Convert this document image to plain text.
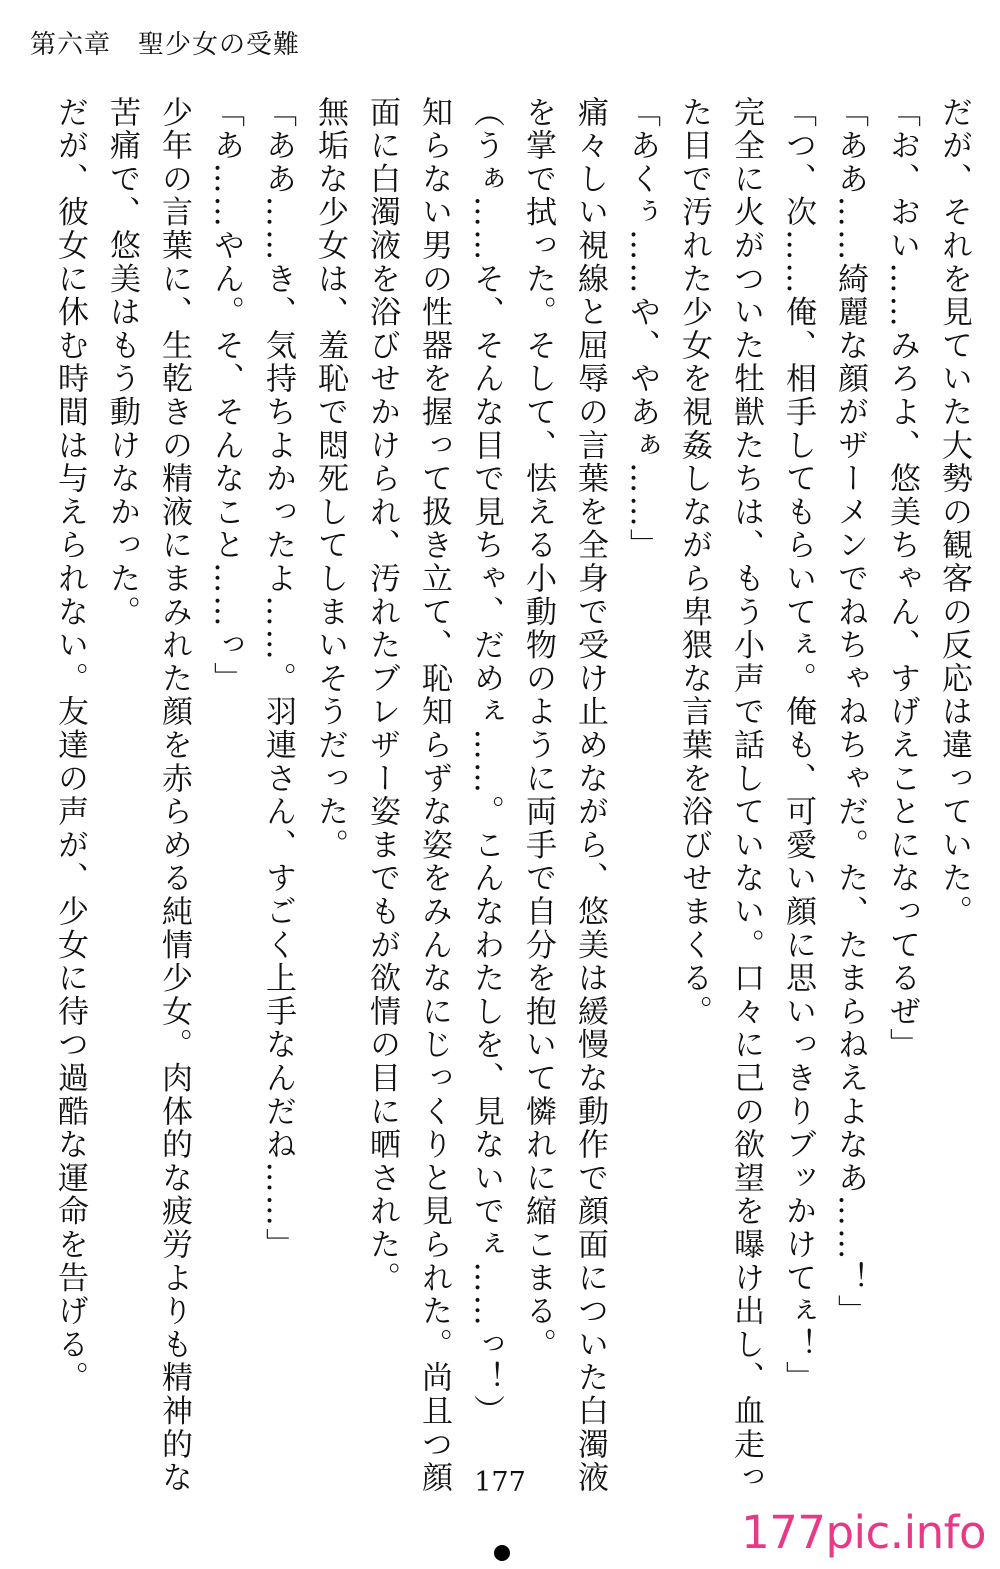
第六章　聖少女の受難

だが、それを見ていた大勢の観客の反応は違っていた。

「お、おい……みろよ、悠美ちゃん、すげえことになってるぜ」

「ああ……綺麗な顔がザーメンでねちゃねちゃだ。た、たまらねえよなあ……！」

「つ、次……俺、相手してもらいてぇ。俺も、可愛い顔に思いっきりブッかけてぇ！」

完全に火がついた牡獣たちは、もう小声で話していない。口々に己の欲望を曝け出し、血走った目で汚れた少女を視姦しながら卑猥な言葉を浴びせまくる。

「あくぅ……や、やあぁ……」

痛々しい視線と屈辱の言葉を全身で受け止めながら、悠美は緩慢な動作で顔面についた白濁液を掌で拭った。そして、怯える小動物のように両手で自分を抱いて憐れに縮こまる。

（うぁ……そ、そんな目で見ちゃ、だめぇ……。こんなわたしを、見ないでぇ……っ！）

知らない男の性器を握って扱き立て、恥知らずな姿をみんなにじっくりと見られた。尚且つ顔面に白濁液を浴びせかけられ、汚れたブレザー姿までもが欲情の目に晒された。

無垢な少女は、羞恥で悶死してしまいそうだった。

「ああ……き、気持ちよかったよ……。羽連さん、すごく上手なんだね……」

「あ……やん。そ、そんなこと……っ」

少年の言葉に、生乾きの精液にまみれた顔を赤らめる純情少女。肉体的な疲労よりも精神的な苦痛で、悠美はもう動けなかった。

だが、彼女に休む時間は与えられない。友達の声が、少女に待つ過酷な運命を告げる。

177
177pic.info
